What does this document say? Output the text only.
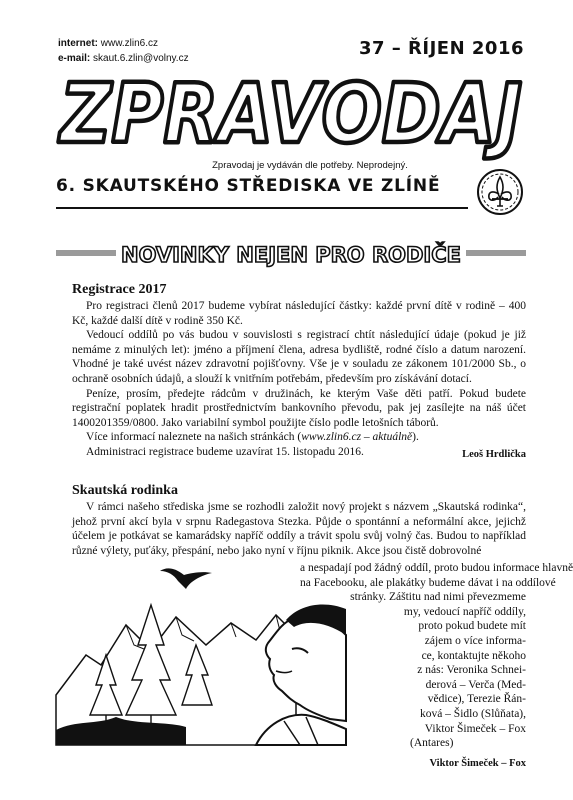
internet: www.zlin6.cz
e-mail: skaut.6.zlin@volny.cz	37 – ŘÍJEN 2016
ZPRAVODAJ
Zpravodaj je vydáván dle potřeby. Neprodejný.
6. SKAUTSKÉHO STŘEDISKA VE ZLÍNĚ
NOVINKY NEJEN PRO RODIČE
Registrace 2017

Pro registraci členů 2017 budeme vybírat následující částky: každé první dítě v rodině – 400 Kč, každé další dítě v rodině 350 Kč.

Vedoucí oddílů po vás budou v souvislosti s registrací chtít následující údaje (pokud je již nemáme z minulých let): jméno a příjmení člena, adresa bydliště, rodné číslo a datum narození. Vhodné je také uvést název zdravotní pojišťovny. Vše je v souladu ze zákonem 101/2000 Sb., o ochraně osobních údajů, a slouží k vnitřním potřebám, především pro získávání dotací.

Peníze, prosím, předejte rádcům v družinách, ke kterým Vaše děti patří. Pokud budete registrační poplatek hradit prostřednictvím bankovního převodu, pak jej zasílejte na náš účet 1400201359/0800. Jako variabilní symbol použijte číslo podle letošních táborů.

Více informací naleznete na našich stránkách (www.zlin6.cz – aktuálně).

Administraci registrace budeme uzavírat 15. listopadu 2016.	Leoš Hrdlička

Skautská rodinka

V rámci našeho střediska jsme se rozhodli založit nový projekt s názvem „Skautská rodinka“, jehož první akcí byla v srpnu Radegastova Stezka. Půjde o spontánní a neformální akce, jejichž účelem je potkávat se kamarádsky napříč oddíly a trávit spolu svůj volný čas. Budou to například různé výlety, puťáky, přespání, nebo jako nyní v říjnu piknik. Akce jsou čistě dobrovolné

a nespadají pod žádný oddíl, proto budou informace hlavně
na Facebooku, ale plakátky budeme dávat i na oddílové
stránky. Záštitu nad nimi převezmeme
my, vedoucí napříč oddíly,
proto pokud budete mít
zájem o více informa-
ce, kontaktujte někoho
z nás: Veronika Schnei-
derová – Verča (Med-
vědice), Terezie Řán-
ková – Šidlo (Slůňata),
Viktor Šimeček – Fox
(Antares)
Viktor Šimeček – Fox
